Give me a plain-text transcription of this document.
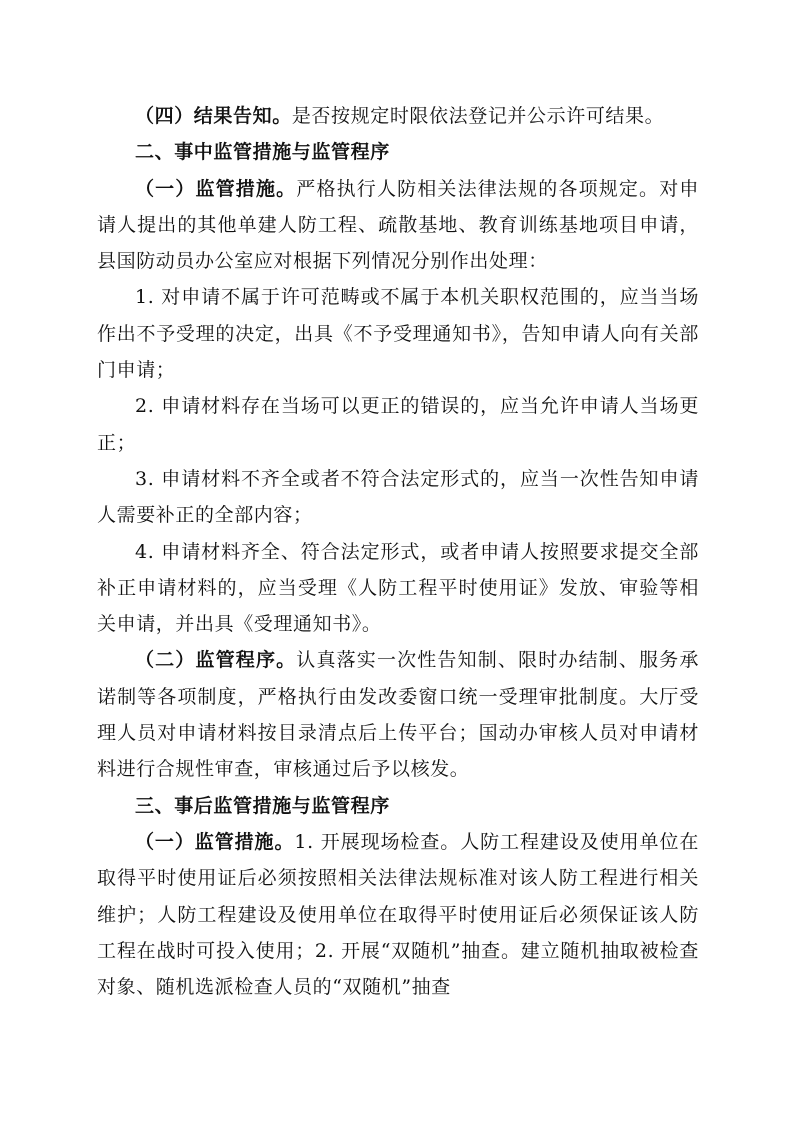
（四）结果告知。是否按规定时限依法登记并公示许可结果。

二、事中监管措施与监管程序

（一）监管措施。严格执行人防相关法律法规的各项规定。对申请人提出的其他单建人防工程、疏散基地、教育训练基地项目申请，县国防动员办公室应对根据下列情况分别作出处理：

1. 对申请不属于许可范畴或不属于本机关职权范围的，应当当场作出不予受理的决定，出具《不予受理通知书》，告知申请人向有关部门申请；

2. 申请材料存在当场可以更正的错误的，应当允许申请人当场更正；

3. 申请材料不齐全或者不符合法定形式的，应当一次性告知申请人需要补正的全部内容；

4. 申请材料齐全、符合法定形式，或者申请人按照要求提交全部补正申请材料的，应当受理《人防工程平时使用证》发放、审验等相关申请，并出具《受理通知书》。

（二）监管程序。认真落实一次性告知制、限时办结制、服务承诺制等各项制度，严格执行由发改委窗口统一受理审批制度。大厅受理人员对申请材料按目录清点后上传平台；国动办审核人员对申请材料进行合规性审查，审核通过后予以核发。

三、事后监管措施与监管程序

（一）监管措施。1. 开展现场检查。人防工程建设及使用单位在取得平时使用证后必须按照相关法律法规标准对该人防工程进行相关维护；人防工程建设及使用单位在取得平时使用证后必须保证该人防工程在战时可投入使用；2. 开展“双随机”抽查。建立随机抽取被检查对象、随机选派检查人员的“双随机”抽查
